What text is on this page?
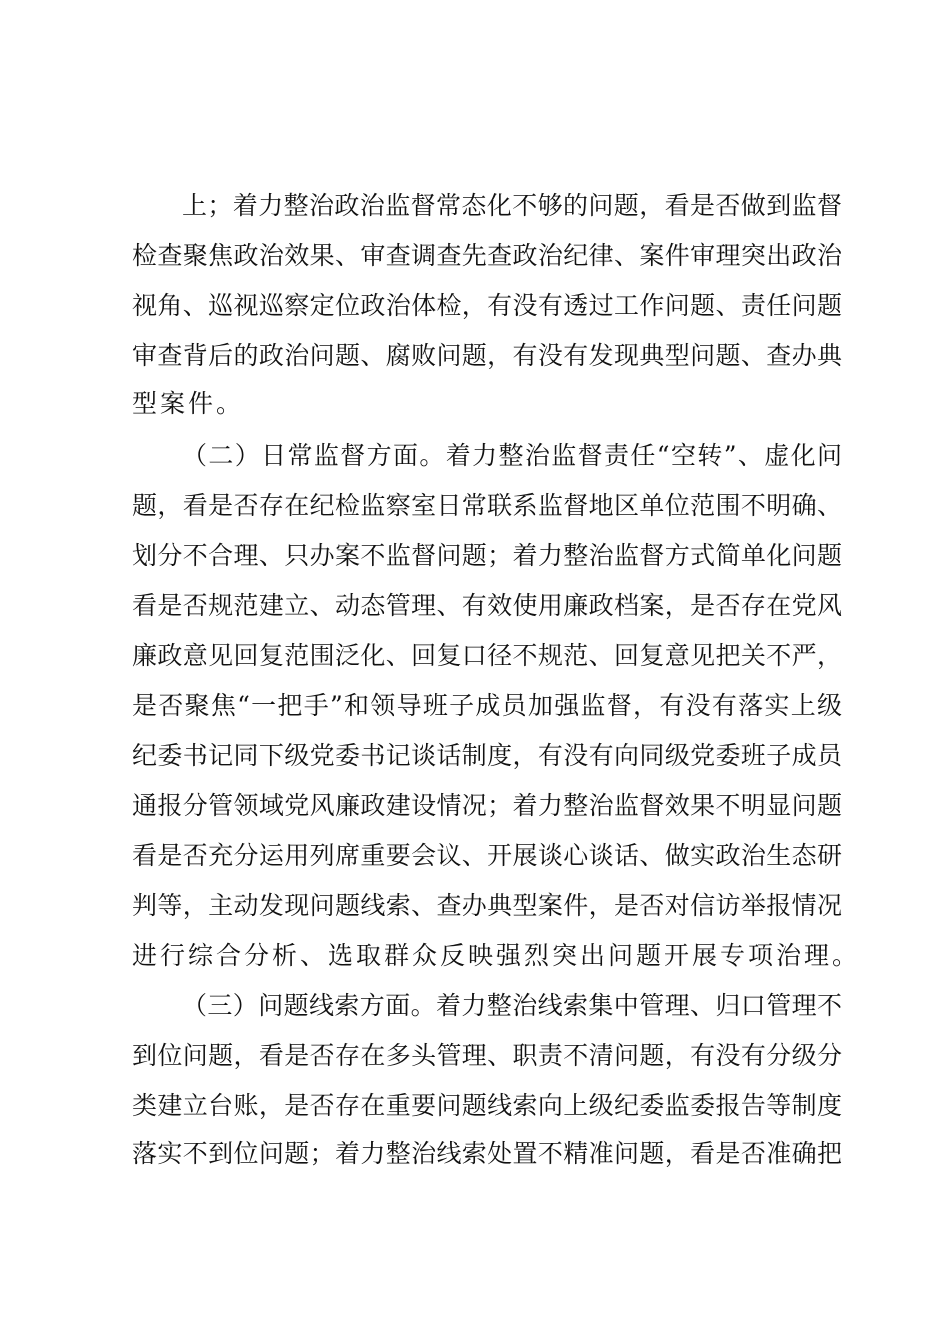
上；着力整治政治监督常态化不够的问题，看是否做到监督
检查聚焦政治效果、审查调查先查政治纪律、案件审理突出政治
视角、巡视巡察定位政治体检，有没有透过工作问题、责任问题
审查背后的政治问题、腐败问题，有没有发现典型问题、查办典
型案件。
（二）日常监督方面。着力整治监督责任“空转”、虚化问
题，看是否存在纪检监察室日常联系监督地区单位范围不明确、
划分不合理、只办案不监督问题；着力整治监督方式简单化问题
看是否规范建立、动态管理、有效使用廉政档案，是否存在党风
廉政意见回复范围泛化、回复口径不规范、回复意见把关不严，
是否聚焦“一把手”和领导班子成员加强监督，有没有落实上级
纪委书记同下级党委书记谈话制度，有没有向同级党委班子成员
通报分管领域党风廉政建设情况；着力整治监督效果不明显问题
看是否充分运用列席重要会议、开展谈心谈话、做实政治生态研
判等，主动发现问题线索、查办典型案件，是否对信访举报情况
进行综合分析、选取群众反映强烈突出问题开展专项治理。
（三）问题线索方面。着力整治线索集中管理、归口管理不
到位问题，看是否存在多头管理、职责不清问题，有没有分级分
类建立台账，是否存在重要问题线索向上级纪委监委报告等制度
落实不到位问题；着力整治线索处置不精准问题，看是否准确把
